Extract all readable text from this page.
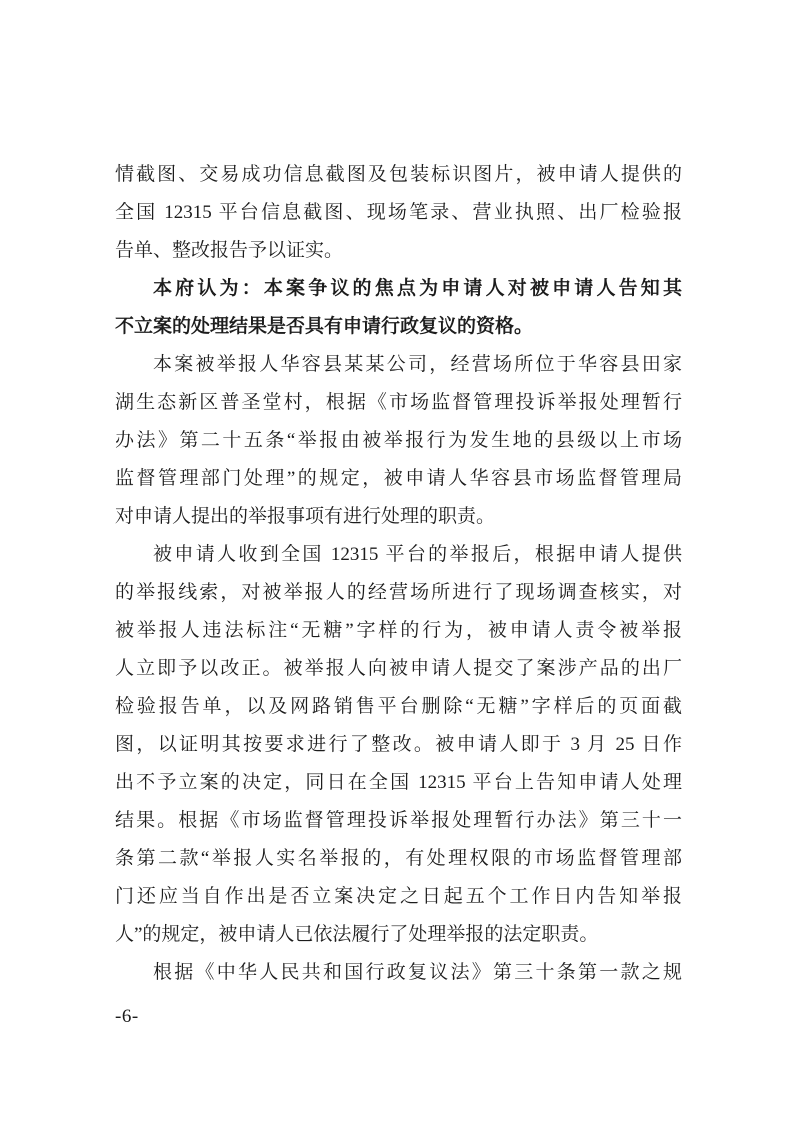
情截图、交易成功信息截图及包装标识图片，被申请人提供的
全国 12315 平台信息截图、现场笔录、营业执照、出厂检验报
告单、整改报告予以证实。
本府认为：本案争议的焦点为申请人对被申请人告知其
不立案的处理结果是否具有申请行政复议的资格。
本案被举报人华容县某某公司，经营场所位于华容县田家
湖生态新区普圣堂村，根据《市场监督管理投诉举报处理暂行
办法》第二十五条“举报由被举报行为发生地的县级以上市场
监督管理部门处理”的规定，被申请人华容县市场监督管理局
对申请人提出的举报事项有进行处理的职责。
被申请人收到全国 12315 平台的举报后，根据申请人提供
的举报线索，对被举报人的经营场所进行了现场调查核实，对
被举报人违法标注“无糖”字样的行为，被申请人责令被举报
人立即予以改正。被举报人向被申请人提交了案涉产品的出厂
检验报告单，以及网路销售平台删除“无糖”字样后的页面截
图，以证明其按要求进行了整改。被申请人即于 3 月 25 日作
出不予立案的决定，同日在全国 12315 平台上告知申请人处理
结果。根据《市场监督管理投诉举报处理暂行办法》第三十一
条第二款“举报人实名举报的，有处理权限的市场监督管理部
门还应当自作出是否立案决定之日起五个工作日内告知举报
人”的规定，被申请人已依法履行了处理举报的法定职责。
根据《中华人民共和国行政复议法》第三十条第一款之规
-6-
